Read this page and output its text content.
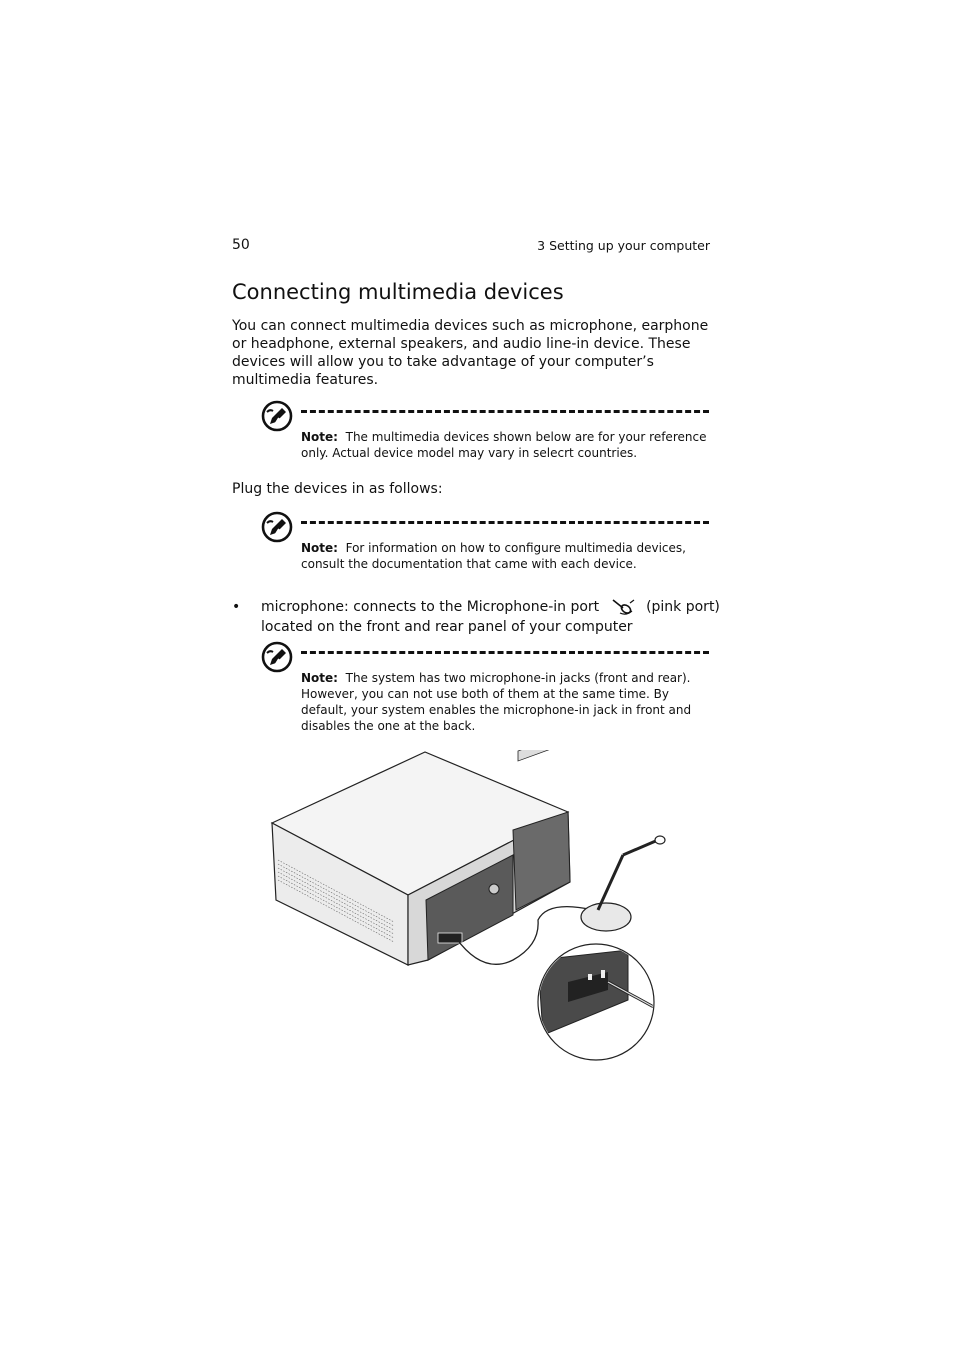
50	3 Setting up your computer
Connecting multimedia devices

You can connect multimedia devices such as microphone, earphone or headphone, external speakers, and audio line-in device. These devices will allow you to take advantage of your computer’s multimedia features.

Note: The multimedia devices shown below are for your reference only. Actual device model may vary in selecrt countries.

Plug the devices in as follows:

Note: For information on how to configure multimedia devices, consult the documentation that came with each device.

• microphone: connects to the Microphone-in port	(pink port) located on the front and rear panel of your computer

Note: The system has two microphone-in jacks (front and rear). However, you can not use both of them at the same time. By default, your system enables the microphone-in jack in front and disables the one at the back.
